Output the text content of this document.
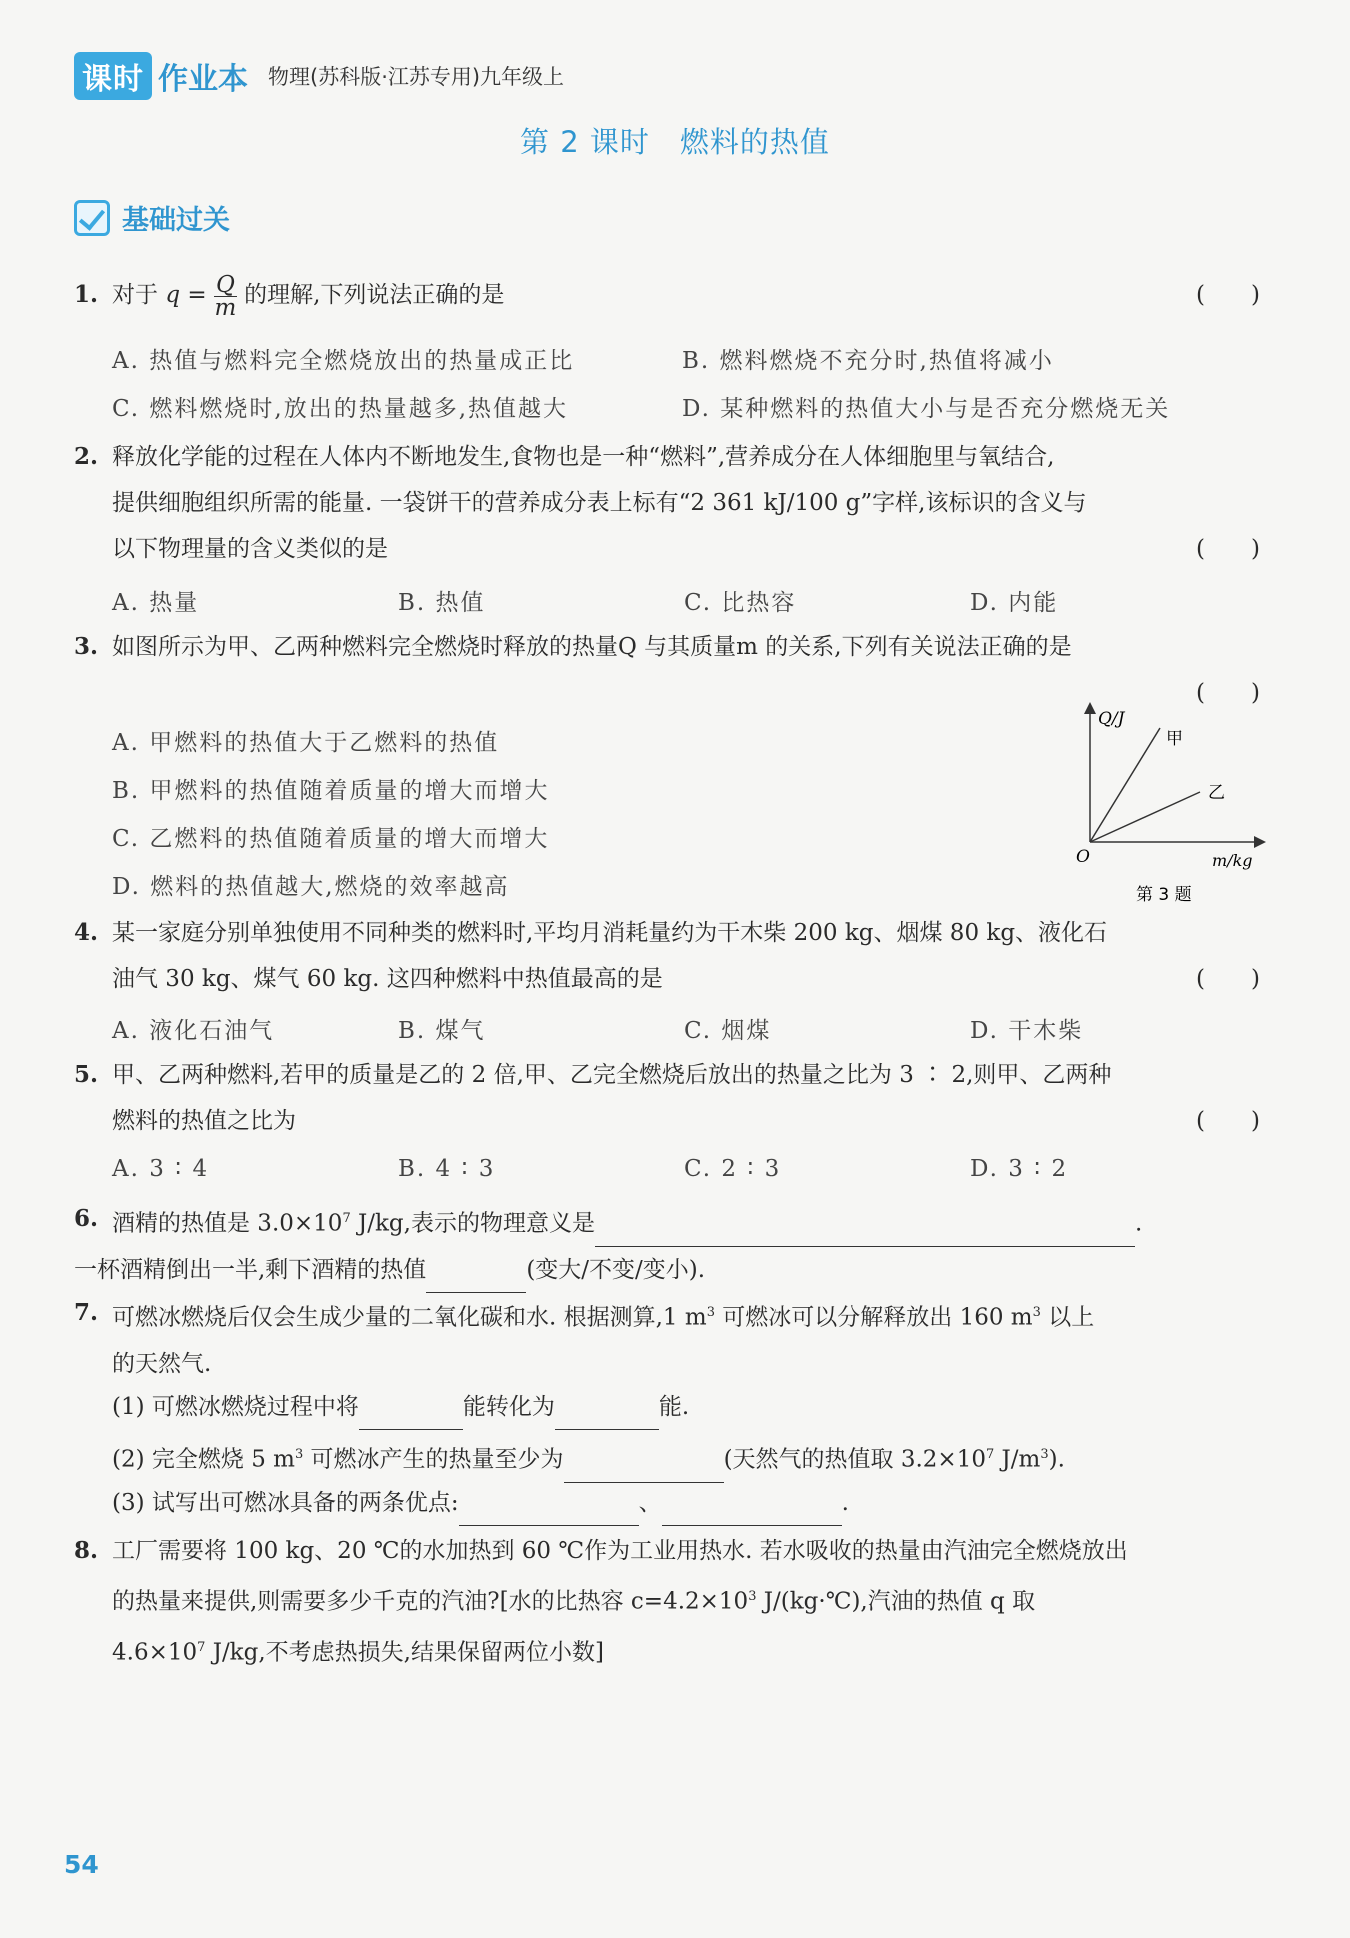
课时 作业本 物理(苏科版·江苏专用)九年级上
第 2 课时　燃料的热值
基础过关
1. 对于 $q = \frac{Q}{m}$ 的理解,下列说法正确的是	(　　)
A. 热值与燃料完全燃烧放出的热量成正比	B. 燃料燃烧不充分时,热值将减小
C. 燃料燃烧时,放出的热量越多,热值越大	D. 某种燃料的热值大小与是否充分燃烧无关
2. 释放化学能的过程在人体内不断地发生,食物也是一种“燃料”,营养成分在人体细胞里与氧结合,
提供细胞组织所需的能量. 一袋饼干的营养成分表上标有“2 361 kJ/100 g”字样,该标识的含义与
以下物理量的含义类似的是	(　　)
A. 热量	B. 热值	C. 比热容	D. 内能
3. 如图所示为甲、乙两种燃料完全燃烧时释放的热量Q 与其质量m 的关系,下列有关说法正确的是
(　　)
A. 甲燃料的热值大于乙燃料的热值
B. 甲燃料的热值随着质量的增大而增大
C. 乙燃料的热值随着质量的增大而增大
D. 燃料的热值越大,燃烧的效率越高
Q/J
甲
乙
O	m/kg
第 3 题
4. 某一家庭分别单独使用不同种类的燃料时,平均月消耗量约为干木柴 200 kg、烟煤 80 kg、液化石
油气 30 kg、煤气 60 kg. 这四种燃料中热值最高的是	(　　)
A. 液化石油气	B. 煤气	C. 烟煤	D. 干木柴
5. 甲、乙两种燃料,若甲的质量是乙的 2 倍,甲、乙完全燃烧后放出的热量之比为 3 ∶ 2,则甲、乙两种
燃料的热值之比为	(　　)
A. 3 ∶ 4	B. 4 ∶ 3	C. 2 ∶ 3	D. 3 ∶ 2
6. 酒精的热值是 $3.0\times 10^7$ J/kg,表示的物理意义是	.
一杯酒精倒出一半,剩下酒精的热值	(变大/不变/变小).
7. 可燃冰燃烧后仅会生成少量的二氧化碳和水. 根据测算,1 $m^3$ 可燃冰可以分解释放出 160 $m^3$ 以上
的天然气.
(1) 可燃冰燃烧过程中将	能转化为	能.
(2) 完全燃烧 5 $m^3$ 可燃冰产生的热量至少为	(天然气的热值取 $3.2\times 10^7$ $J/m^3$).
(3) 试写出可燃冰具备的两条优点:	、	.
8. 工厂需要将 100 kg、20 ℃的水加热到 60 ℃作为工业用热水. 若水吸收的热量由汽油完全燃烧放出
的热量来提供,则需要多少千克的汽油?[水的比热容 $c=4.2\times 10^3$ J/(kg·℃),汽油的热值 q 取
$4.6\times 10^7$ J/kg,不考虑热损失,结果保留两位小数]
54
